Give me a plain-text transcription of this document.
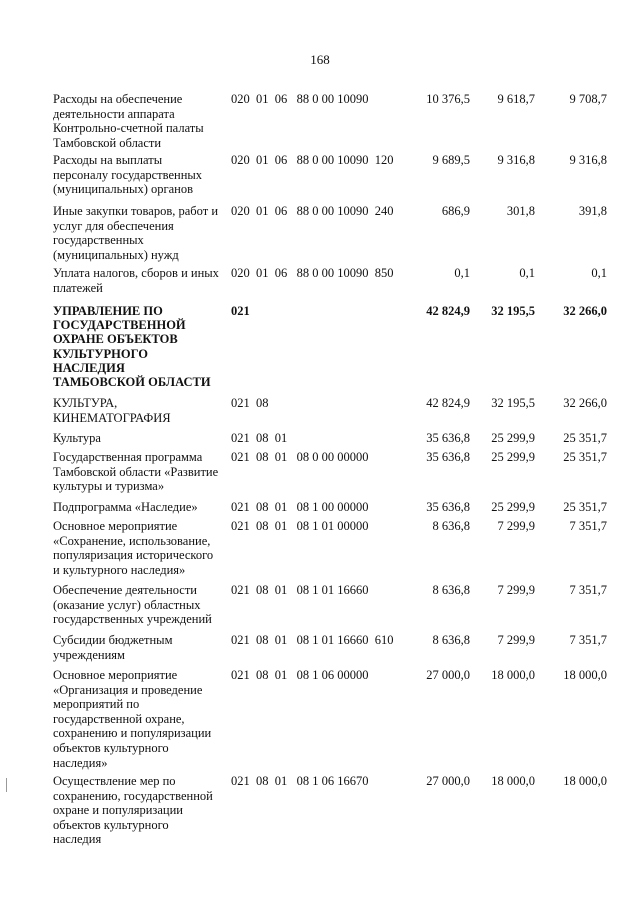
168
Расходы на обеспечение
деятельности аппарата
Контрольно-счетной палаты
Тамбовской области
020  01  06   88 0 00 10090	10 376,5	9 618,7	9 708,7
Расходы на выплаты
персоналу государственных
(муниципальных) органов
020  01  06   88 0 00 10090  120	9 689,5	9 316,8	9 316,8
Иные закупки товаров, работ и
услуг для обеспечения
государственных
(муниципальных) нужд
020  01  06   88 0 00 10090  240	686,9	301,8	391,8
Уплата налогов, сборов и иных
платежей
020  01  06   88 0 00 10090  850	0,1	0,1	0,1
УПРАВЛЕНИЕ ПО
ГОСУДАРСТВЕННОЙ
ОХРАНЕ ОБЪЕКТОВ
КУЛЬТУРНОГО
НАСЛЕДИЯ
ТАМБОВСКОЙ ОБЛАСТИ
021	42 824,9	32 195,5	32 266,0
КУЛЬТУРА,
КИНЕМАТОГРАФИЯ
021  08	42 824,9	32 195,5	32 266,0
Культура	021  08  01	35 636,8	25 299,9	25 351,7
Государственная программа
Тамбовской области «Развитие
культуры и туризма»
021  08  01   08 0 00 00000	35 636,8	25 299,9	25 351,7
Подпрограмма «Наследие»	021  08  01   08 1 00 00000	35 636,8	25 299,9	25 351,7
Основное мероприятие
«Сохранение, использование,
популяризация исторического
и культурного наследия»
021  08  01   08 1 01 00000	8 636,8	7 299,9	7 351,7
Обеспечение деятельности
(оказание услуг) областных
государственных учреждений
021  08  01   08 1 01 16660	8 636,8	7 299,9	7 351,7
Субсидии бюджетным
учреждениям
021  08  01   08 1 01 16660  610	8 636,8	7 299,9	7 351,7
Основное мероприятие
«Организация и проведение
мероприятий по
государственной охране,
сохранению и популяризации
объектов культурного
наследия»
021  08  01   08 1 06 00000	27 000,0	18 000,0	18 000,0
Осуществление мер по
сохранению, государственной
охране и популяризации
объектов культурного
наследия
021  08  01   08 1 06 16670	27 000,0	18 000,0	18 000,0
